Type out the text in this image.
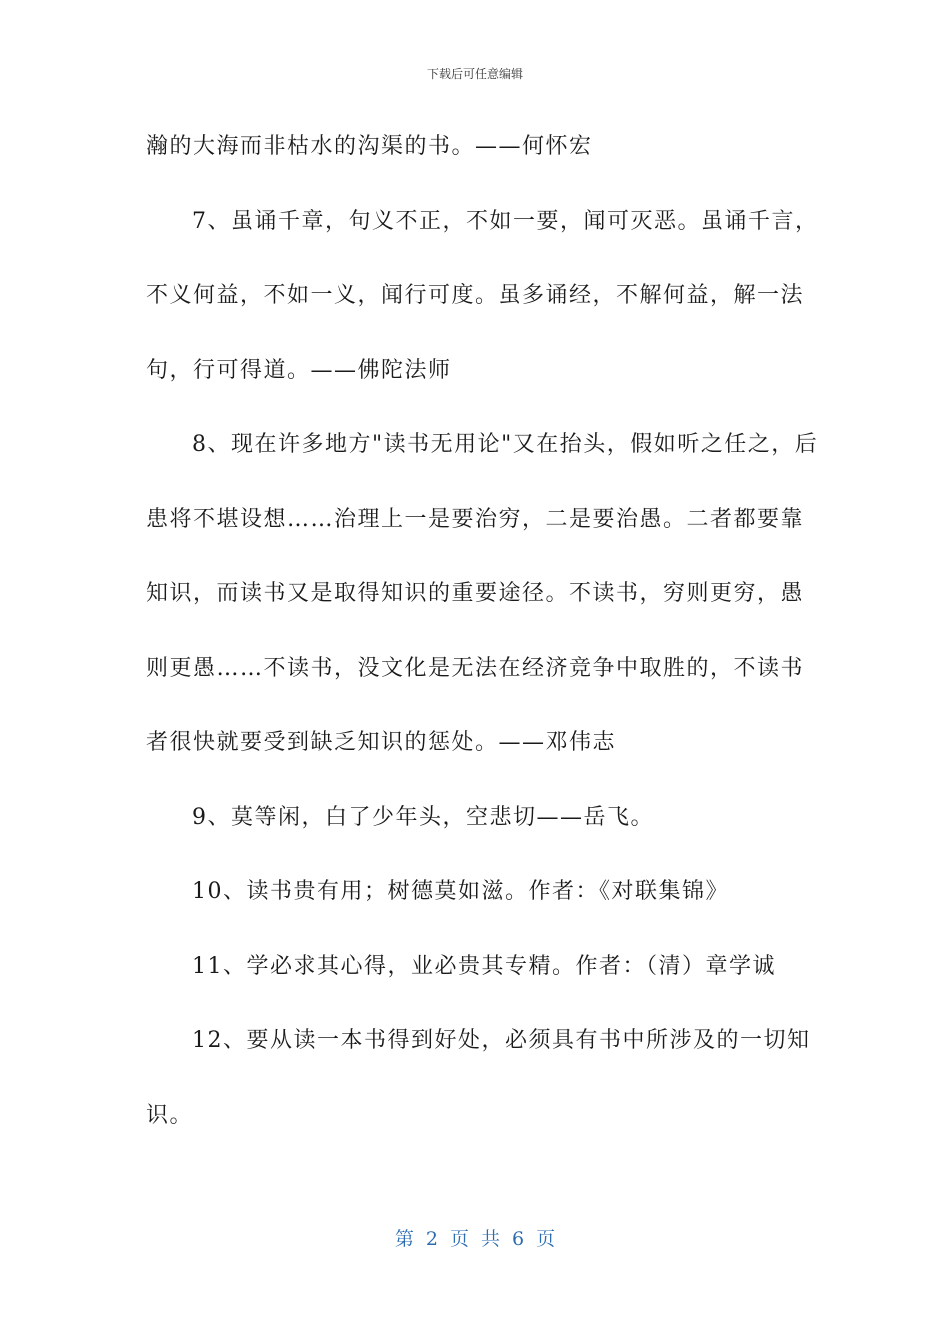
下载后可任意编辑

瀚的大海而非枯水的沟渠的书。——何怀宏

7、虽诵千章，句义不正，不如一要，闻可灭恶。虽诵千言，不义何益，不如一义，闻行可度。虽多诵经，不解何益，解一法句，行可得道。——佛陀法师

8、现在许多地方"读书无用论"又在抬头，假如听之任之，后患将不堪设想……治理上一是要治穷，二是要治愚。二者都要靠知识，而读书又是取得知识的重要途径。不读书，穷则更穷，愚则更愚……不读书，没文化是无法在经济竞争中取胜的，不读书者很快就要受到缺乏知识的惩处。——邓伟志

9、莫等闲，白了少年头，空悲切——岳飞。

10、读书贵有用；树德莫如滋。作者：《对联集锦》

11、学必求其心得，业必贵其专精。作者：（清）章学诚

12、要从读一本书得到好处，必须具有书中所涉及的一切知识。

第 2 页 共 6 页
